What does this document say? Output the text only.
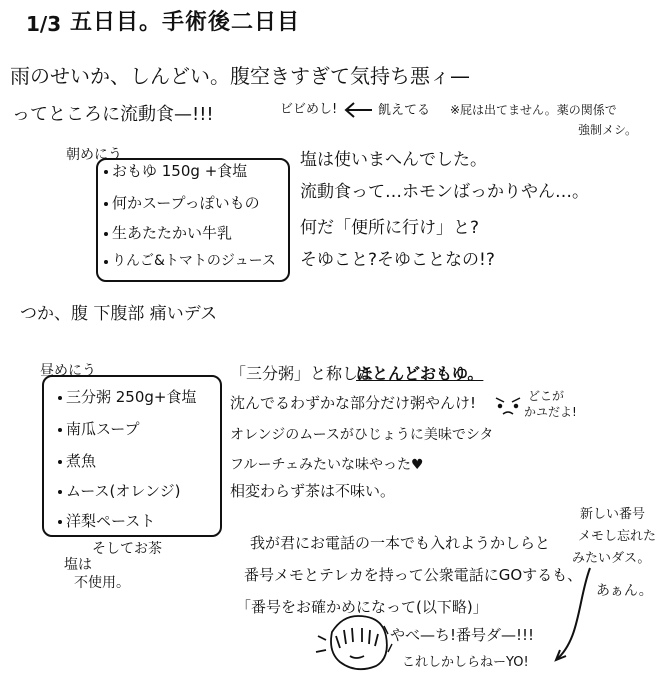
1/3 五日目。手術後二日目
雨のせいか、しんどい。腹空きすぎて気持ち悪ィ—
ってところに流動食—!!!	ビビめし!	飢えてる ※屁は出てません。薬の関係で
強制メシ。
朝めにう
おもゆ 150g +食塩
何かスープっぽいもの
生あたたかい牛乳
りんご&トマトのジュース
塩は使いまへんでした。
流動食って…ホモンばっかりやん…。
何だ「便所に行け」と?
そゆこと?そゆことなの!?
つか、腹 下腹部 痛いデス
昼めにう
三分粥 250g+食塩
南瓜スープ
煮魚
ムース(オレンジ)
洋梨ペースト
そしてお茶
塩は
不使用。
「三分粥」と称した
ほとんどおもゆ。
沈んでるわずかな部分だけ粥やんけ!	どこが
かユだよ!
オレンジのムースがひじょうに美味でシタ
フルーチェみたいな味やった♥
相変わらず茶は不味い。
我が君にお電話の一本でも入れようかしらと
番号メモとテレカを持って公衆電話にGOするも、
「番号をお確かめになって(以下略)」
やべ—ち!番号ダ—!!!
これしかしらねーYO!
新しい番号
メモし忘れた
みたいダス。
あぁん。
